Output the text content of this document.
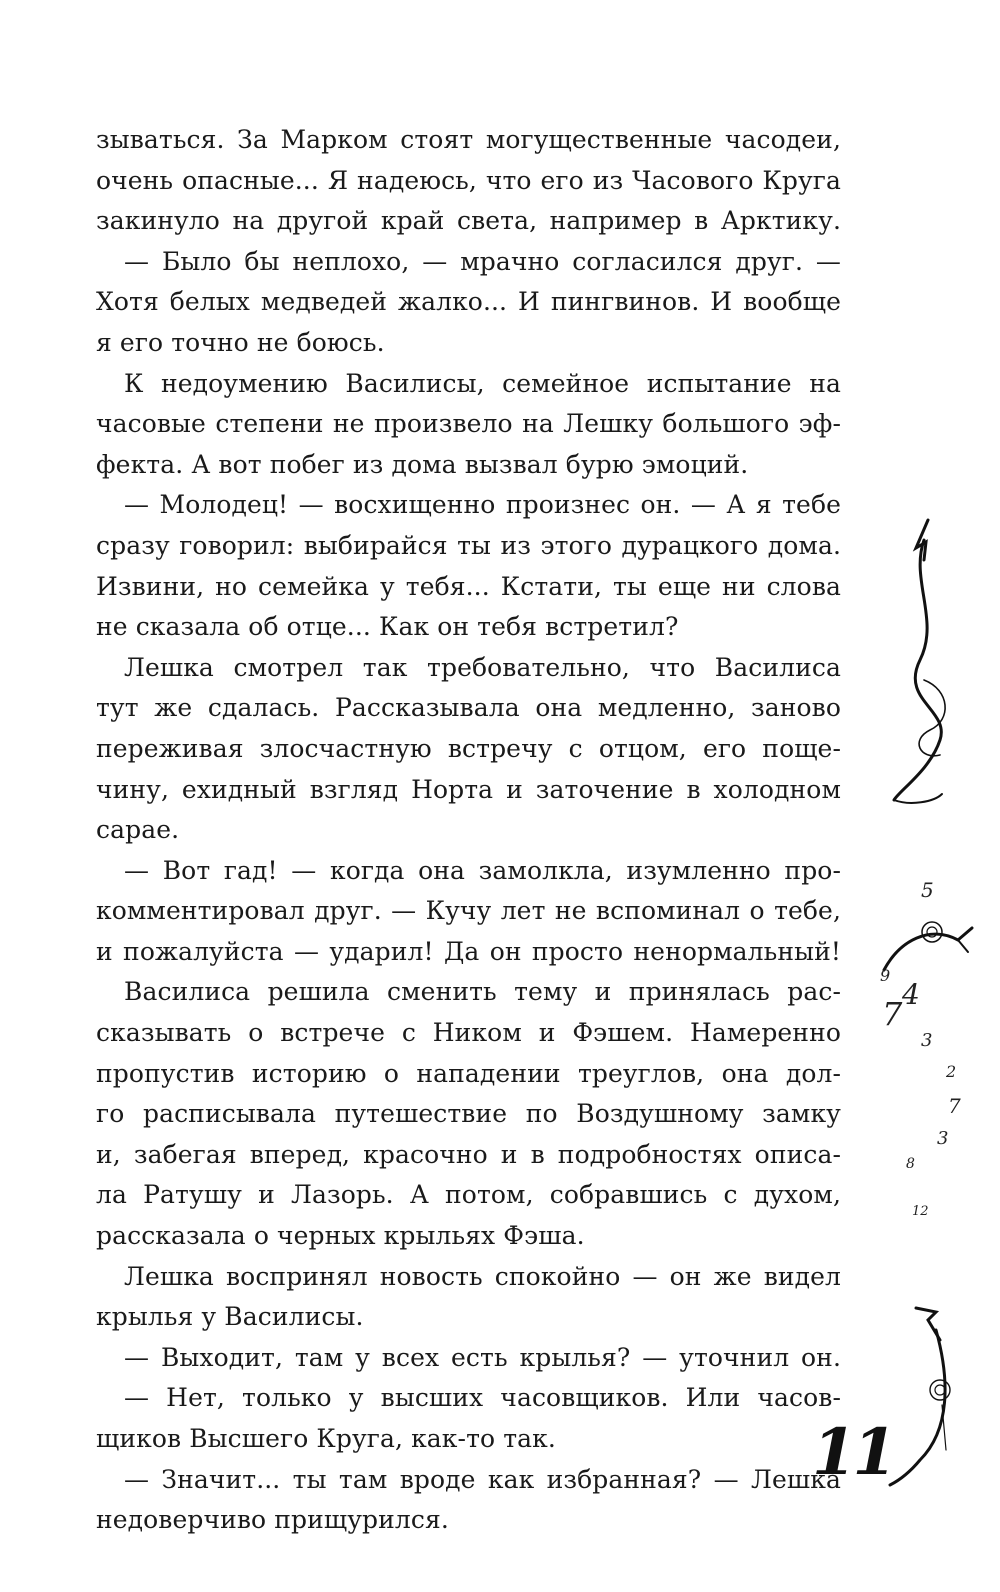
зываться. За Марком стоят могущественные часодеи,
очень опасные... Я надеюсь, что его из Часового Круга
закинуло на другой край света, например в Арктику.
— Было бы неплохо, — мрачно согласился друг. —
Хотя белых медведей жалко... И пингвинов. И вообще
я его точно не боюсь.
К недоумению Василисы, семейное испытание на
часовые степени не произвело на Лешку большого эф-
фекта. А вот побег из дома вызвал бурю эмоций.
— Молодец! — восхищенно произнес он. — А я тебе
сразу говорил: выбирайся ты из этого дурацкого дома.
Извини, но семейка у тебя... Кстати, ты еще ни слова
не сказала об отце... Как он тебя встретил?
Лешка смотрел так требовательно, что Василиса
тут же сдалась. Рассказывала она медленно, заново
переживая злосчастную встречу с отцом, его поще-
чину, ехидный взгляд Норта и заточение в холодном
сарае.
— Вот гад! — когда она замолкла, изумленно про-
комментировал друг. — Кучу лет не вспоминал о тебе,
и пожалуйста — ударил! Да он просто ненормальный!
Василиса решила сменить тему и принялась рас-
сказывать о встрече с Ником и Фэшем. Намеренно
пропустив историю о нападении треуглов, она дол-
го расписывала путешествие по Воздушному замку
и, забегая вперед, красочно и в подробностях описа-
ла Ратушу и Лазорь. А потом, собравшись с духом,
рассказала о черных крыльях Фэша.
Лешка воспринял новость спокойно — он же видел
крылья у Василисы.
— Выходит, там у всех есть крылья? — уточнил он.
— Нет, только у высших часовщиков. Или часов-
щиков Высшего Круга, как-то так.
— Значит... ты там вроде как избранная? — Лешка
недоверчиво прищурился.
5
9
4
7
3
2
7
3
8
12
11
